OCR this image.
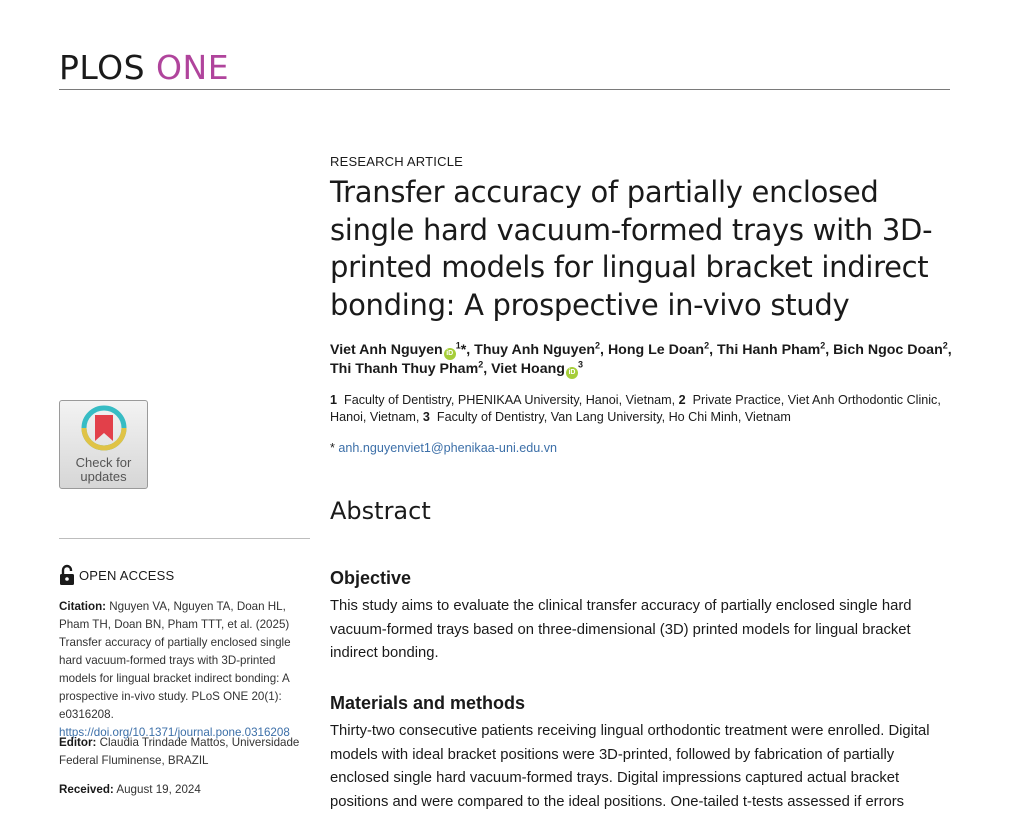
PLOS ONE
Check for
updates
OPEN ACCESS
Citation: Nguyen VA, Nguyen TA, Doan HL, Pham TH, Doan BN, Pham TTT, et al. (2025) Transfer accuracy of partially enclosed single hard vacuum-formed trays with 3D-printed models for lingual bracket indirect bonding: A prospective in-vivo study. PLoS ONE 20(1): e0316208. https://doi.org/10.1371/journal.pone.0316208
Editor: Claudia Trindade Mattos, Universidade Federal Fluminense, BRAZIL
Received: August 19, 2024
RESEARCH ARTICLE
Transfer accuracy of partially enclosed single hard vacuum-formed trays with 3D-printed models for lingual bracket indirect bonding: A prospective in-vivo study
Viet Anh Nguyen $iD^1*$, Thuy Anh Nguyen$^2$, Hong Le Doan$^2$, Thi Hanh Pham$^2$, Bich Ngoc Doan$^2$, Thi Thanh Thuy Pham$^2$, Viet Hoang $iD^3$
1 Faculty of Dentistry, PHENIKAA University, Hanoi, Vietnam, 2 Private Practice, Viet Anh Orthodontic Clinic, Hanoi, Vietnam, 3 Faculty of Dentistry, Van Lang University, Ho Chi Minh, Vietnam
* anh.nguyenviet1@phenikaa-uni.edu.vn
Abstract
Objective

This study aims to evaluate the clinical transfer accuracy of partially enclosed single hard vacuum-formed trays based on three-dimensional (3D) printed models for lingual bracket indirect bonding.

Materials and methods

Thirty-two consecutive patients receiving lingual orthodontic treatment were enrolled. Digital models with ideal bracket positions were 3D-printed, followed by fabrication of partially enclosed single hard vacuum-formed trays. Digital impressions captured actual bracket positions and were compared to the ideal positions. One-tailed t-tests assessed if errors
